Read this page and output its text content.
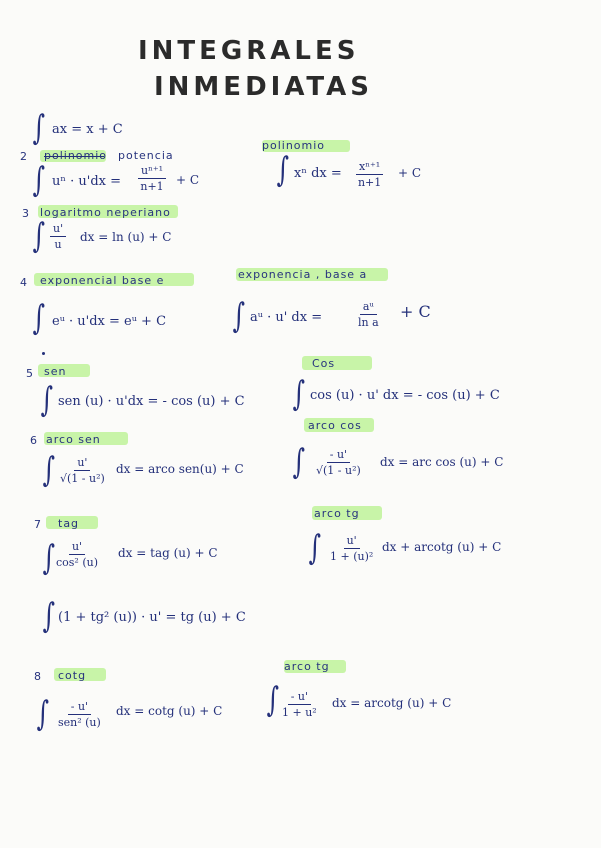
INTEGRALES
INMEDIATAS
∫ ax = x + C
2 polinomio potencia
∫ $u^n \cdot u'dx = \frac{\text{uⁿ⁺¹}}{n+1} + C$
polinomio
∫ xⁿ dx = $\frac{\text{xⁿ⁺¹}}{n+1} + C$
3 logaritmo neperiano
∫ $\frac{u'}{u}$ dx = ln (u) + C
4 exponencial base e
∫ eᵘ · u'dx = eᵘ + C
exponencia , base a
∫ aᵘ · u' dx =	$\frac{\text{aᵘ}}{\text{ln a}} + C$
5 sen
∫ sen (u) · u'dx = - cos (u) + C
Cos
∫ cos (u) · u' dx = - cos (u) + C
6 arco sen
∫ $\frac{u'}{\text{√(1 - u²)}}$ dx = arco sen(u) + C
arco cos
∫ $\frac{- u'}{\text{√(1 - u²)}}$ dx = arc cos (u) + C
7 tag
∫ $\frac{u'}{\text{cos² (u)}}$ dx = tag (u) + C
∫ (1 + tg² (u)) · u' = tg (u) + C
arco tg
∫ $\frac{u'}{\text{1 + (u)²}}$ dx + arcotg (u) + C
8 cotg
∫ - u'
sen² (u)
dx = cotg (u) + C
arco tg
∫ $\frac{- u'}{\text{1 + u²}}$ dx = arcotg (u) + C
